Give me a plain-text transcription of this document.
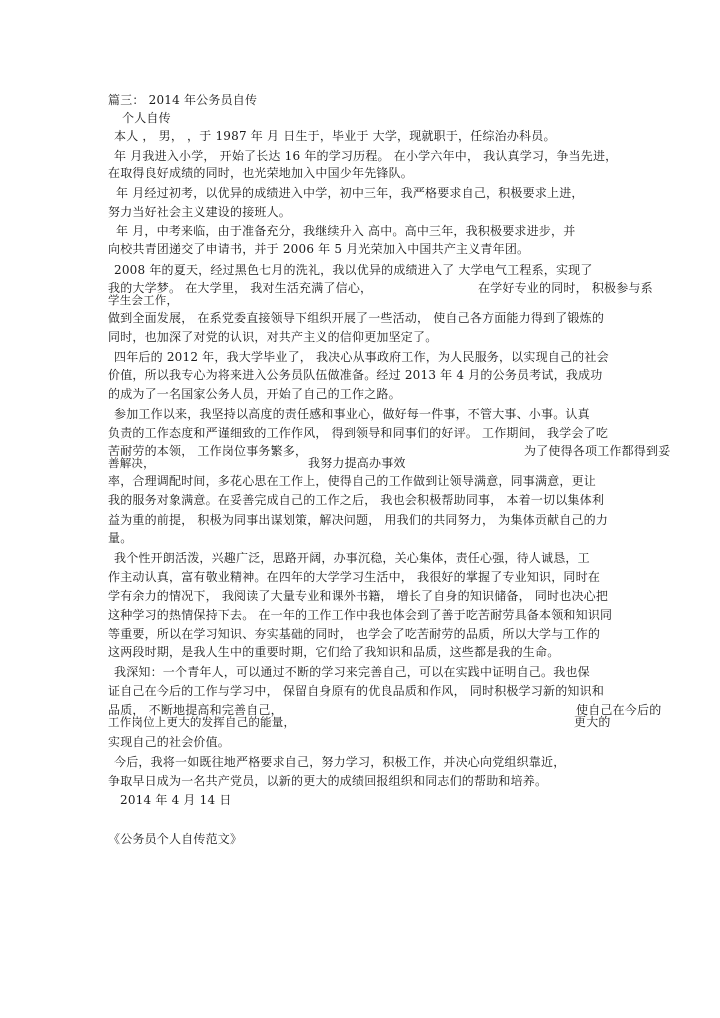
篇三： 2014 年公务员自传
个人自传
本人 ， 男， ，于 1987 年 月 日生于，毕业于 大学，现就职于，任综治办科员。
年 月我进入小学， 开始了长达 16 年的学习历程。 在小学六年中， 我认真学习，争当先进，
在取得良好成绩的同时，也光荣地加入中国少年先锋队。
年 月经过初考，以优异的成绩进入中学，初中三年，我严格要求自己，积极要求上进，
努力当好社会主义建设的接班人。
年 月，中考来临，由于准备充分，我继续升入 高中。高中三年，我积极要求进步，并
向校共青团递交了申请书，并于 2006 年 5 月光荣加入中国共产主义青年团。
2008 年的夏天，经过黑色七月的洗礼，我以优异的成绩进入了 大学电气工程系，实现了
我的大学梦。 在大学里， 我对生活充满了信心，	在学好专业的同时， 积极参与系
学生会工作，
做到全面发展， 在系党委直接领导下组织开展了一些活动， 使自己各方面能力得到了锻炼的
同时，也加深了对党的认识，对共产主义的信仰更加坚定了。
四年后的 2012 年，我大学毕业了， 我决心从事政府工作，为人民服务，以实现自己的社会
价值，所以我专心为将来进入公务员队伍做准备。经过 2013 年 4 月的公务员考试，我成功
的成为了一名国家公务人员，开始了自己的工作之路。
参加工作以来，我坚持以高度的责任感和事业心，做好每一件事，不管大事、小事。认真
负责的工作态度和严谨细致的工作作风， 得到领导和同事们的好评。 工作期间， 我学会了吃
苦耐劳的本领， 工作岗位事务繁多，	为了使得各项工作都得到妥
善解决，	我努力提高办事效
率，合理调配时间，多花心思在工作上，使得自己的工作做到让领导满意，同事满意，更让
我的服务对象满意。在妥善完成自己的工作之后， 我也会积极帮助同事， 本着一切以集体利
益为重的前提， 积极为同事出谋划策，解决问题， 用我们的共同努力， 为集体贡献自己的力
量。
我个性开朗活泼，兴趣广泛，思路开阔，办事沉稳，关心集体，责任心强，待人诚恳，工
作主动认真，富有敬业精神。在四年的大学学习生活中， 我很好的掌握了专业知识，同时在
学有余力的情况下， 我阅读了大量专业和课外书籍， 增长了自身的知识储备， 同时也决心把
这种学习的热情保持下去。 在一年的工作工作中我也体会到了善于吃苦耐劳具备本领和知识同
等重要，所以在学习知识、夯实基础的同时， 也学会了吃苦耐劳的品质，所以大学与工作的
这两段时期，是我人生中的重要时期，它们给了我知识和品质，这些都是我的生命。
我深知：一个青年人，可以通过不断的学习来完善自己，可以在实践中证明自己。我也保
证自己在今后的工作与学习中， 保留自身原有的优良品质和作风， 同时积极学习新的知识和
品质， 不断地提高和完善自己，	使自己在今后的
工作岗位上更大的发挥自己的能量，	更大的
实现自己的社会价值。
今后，我将一如既往地严格要求自己，努力学习，积极工作，并决心向党组织靠近，
争取早日成为一名共产党员，以新的更大的成绩回报组织和同志们的帮助和培养。
2014 年 4 月 14 日
《公务员个人自传范文》
